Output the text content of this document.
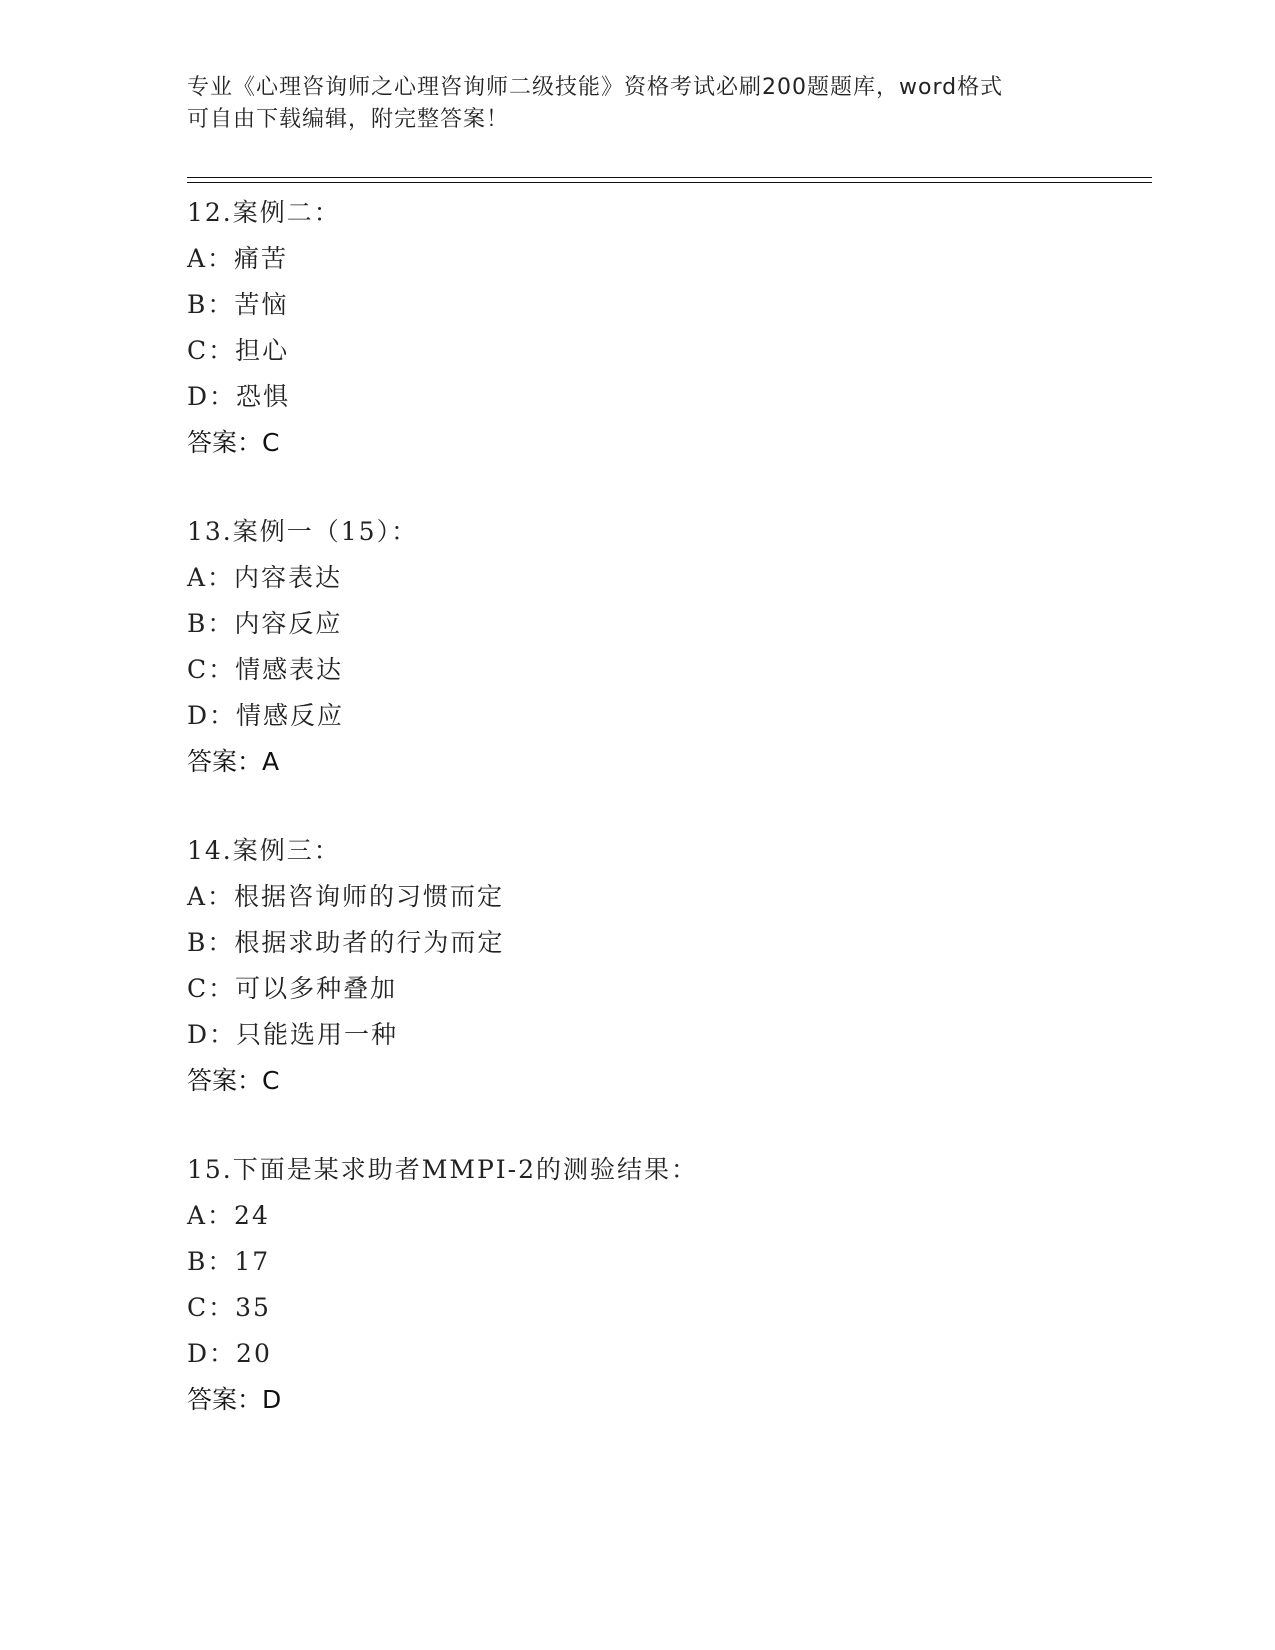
专业《心理咨询师之心理咨询师二级技能》资格考试必刷200题题库，word格式

可自由下载编辑，附完整答案！

12.案例二：
A：痛苦
B：苦恼
C：担心
D：恐惧
答案：C
13.案例一（15）：
A：内容表达
B：内容反应
C：情感表达
D：情感反应
答案：A
14.案例三：
A：根据咨询师的习惯而定
B：根据求助者的行为而定
C：可以多种叠加
D：只能选用一种
答案：C
15.下面是某求助者MMPI-2的测验结果：
A：24
B：17
C：35
D：20
答案：D
